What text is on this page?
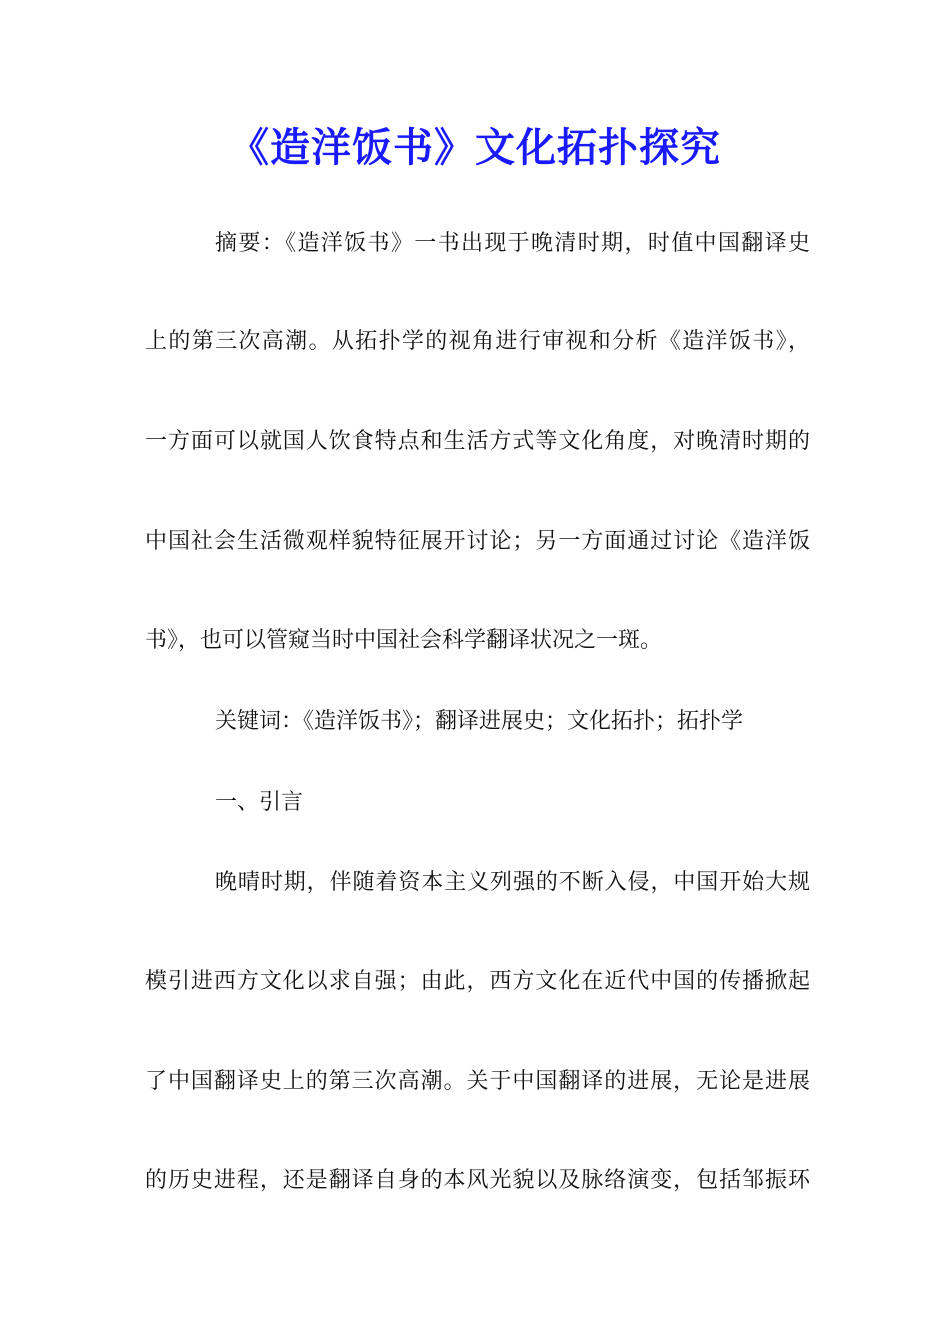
《造洋饭书》文化拓扑探究
摘要：《造洋饭书》一书出现于晚清时期，时值中国翻译史
上的第三次高潮。从拓扑学的视角进行审视和分析《造洋饭书》，
一方面可以就国人饮食特点和生活方式等文化角度，对晚清时期的
中国社会生活微观样貌特征展开讨论；另一方面通过讨论《造洋饭
书》，也可以管窥当时中国社会科学翻译状况之一斑。
关键词：《造洋饭书》；翻译进展史；文化拓扑；拓扑学
一、引言
晚晴时期，伴随着资本主义列强的不断入侵，中国开始大规
模引进西方文化以求自强；由此，西方文化在近代中国的传播掀起
了中国翻译史上的第三次高潮。关于中国翻译的进展，无论是进展
的历史进程，还是翻译自身的本风光貌以及脉络演变，包括邹振环
